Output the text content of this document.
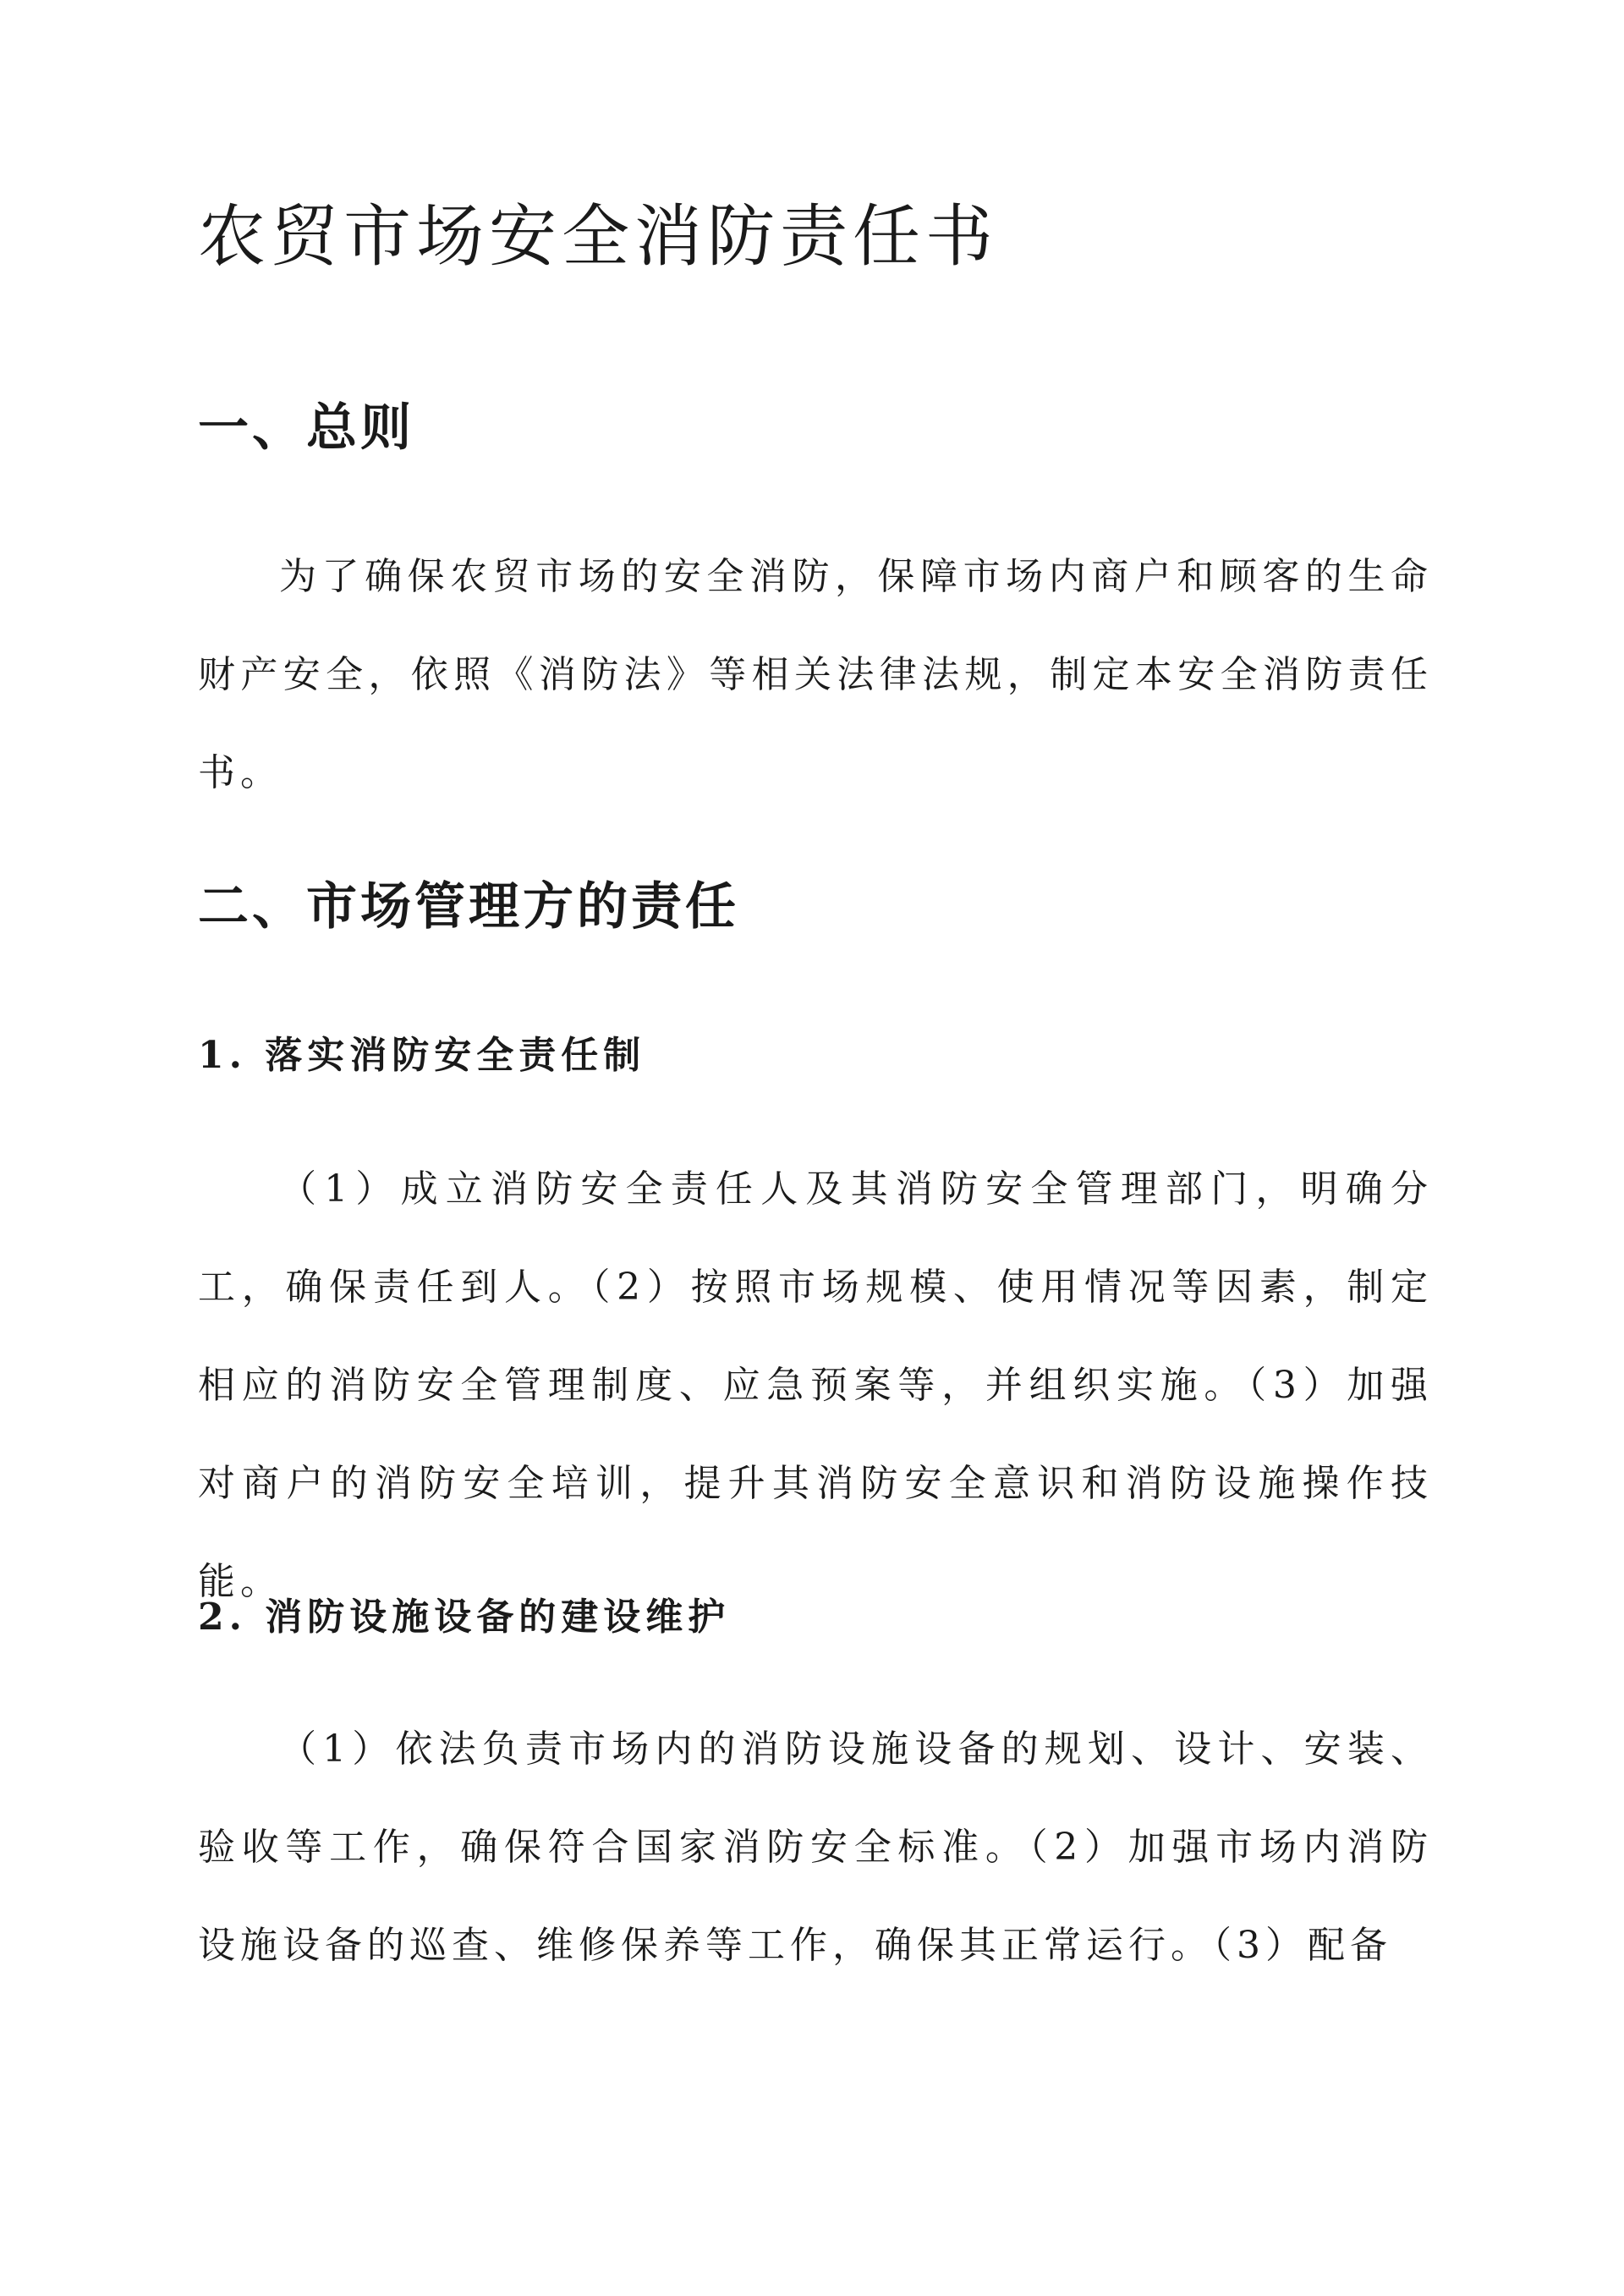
农贸市场安全消防责任书
一、总则

为了确保农贸市场的安全消防，保障市场内商户和顾客的生命财产安全，依照《消防法》等相关法律法规，制定本安全消防责任书。

二、市场管理方的责任
1. 落实消防安全责任制

（1）成立消防安全责任人及其消防安全管理部门，明确分工，确保责任到人。（2）按照市场规模、使用情况等因素，制定相应的消防安全管理制度、应急预案等，并组织实施。（3）加强对商户的消防安全培训，提升其消防安全意识和消防设施操作技能。

2. 消防设施设备的建设维护

（1）依法负责市场内的消防设施设备的规划、设计、安装、验收等工作，确保符合国家消防安全标准。（2）加强市场内消防设施设备的巡查、维修保养等工作，确保其正常运行。（3）配备
